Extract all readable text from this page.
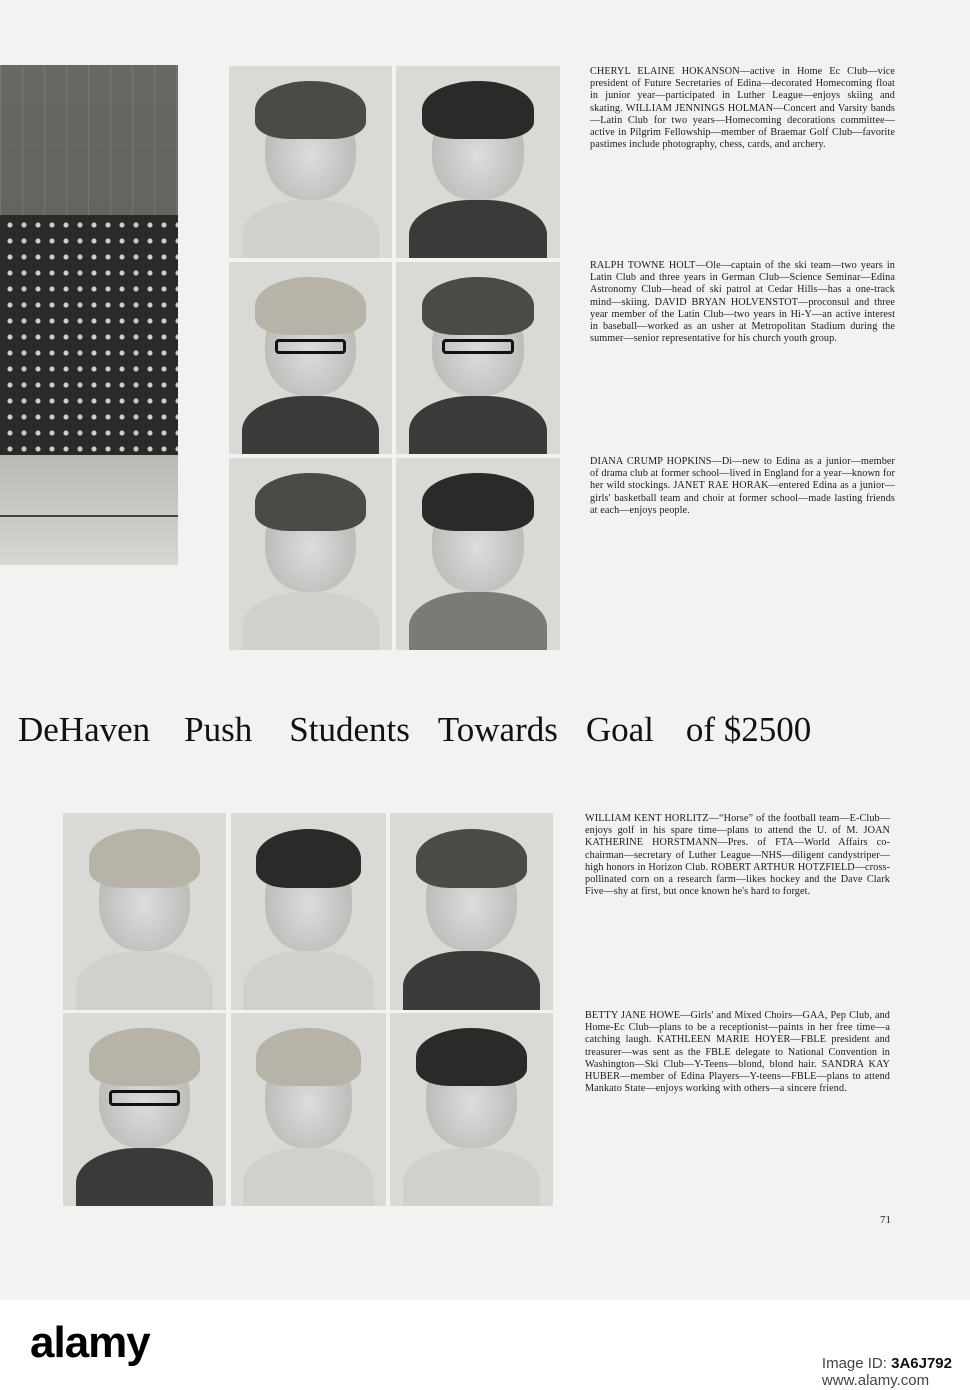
CHERYL ELAINE HOKANSON—active in Home Ec Club—vice president of Future Secretaries of Edina—decorated Homecoming float in junior year—participated in Luther League—enjoys skiing and skating. WILLIAM JENNINGS HOLMAN—Concert and Varsity bands—Latin Club for two years—Homecoming decorations committee—active in Pilgrim Fellowship—member of Braemar Golf Club—favorite pastimes include photography, chess, cards, and archery.
RALPH TOWNE HOLT—Ole—captain of the ski team—two years in Latin Club and three years in German Club—Science Seminar—Edina Astronomy Club—head of ski patrol at Cedar Hills—has a one-track mind—skiing. DAVID BRYAN HOLVENSTOT—proconsul and three year member of the Latin Club—two years in Hi-Y—an active interest in baseball—worked as an usher at Metropolitan Stadium during the summer—senior representative for his church youth group.
DIANA CRUMP HOPKINS—Di—new to Edina as a junior—member of drama club at former school—lived in England for a year—known for her wild stockings. JANET RAE HORAK—entered Edina as a junior—girls' basketball team and choir at former school—made lasting friends at each—enjoys people.
DeHaven Push Students Towards Goal of $2500
WILLIAM KENT HORLITZ—“Horse” of the football team—E-Club—enjoys golf in his spare time—plans to attend the U. of M. JOAN KATHERINE HORSTMANN—Pres. of FTA—World Affairs co-chairman—secretary of Luther League—NHS—diligent candystriper—high honors in Horizon Club. ROBERT ARTHUR HOTZFIELD—cross-pollinated corn on a research farm—likes hockey and the Dave Clark Five—shy at first, but once known he's hard to forget.
BETTY JANE HOWE—Girls' and Mixed Choirs—GAA, Pep Club, and Home-Ec Club—plans to be a receptionist—paints in her free time—a catching laugh. KATHLEEN MARIE HOYER—FBLE president and treasurer—was sent as the FBLE delegate to National Convention in Washington—Ski Club—Y-Teens—blond, blond hair. SANDRA KAY HUBER—member of Edina Players—Y-teens—FBLE—plans to attend Mankato State—enjoys working with others—a sincere friend.
71
alamy	Image ID: 3A6J792
www.alamy.com
